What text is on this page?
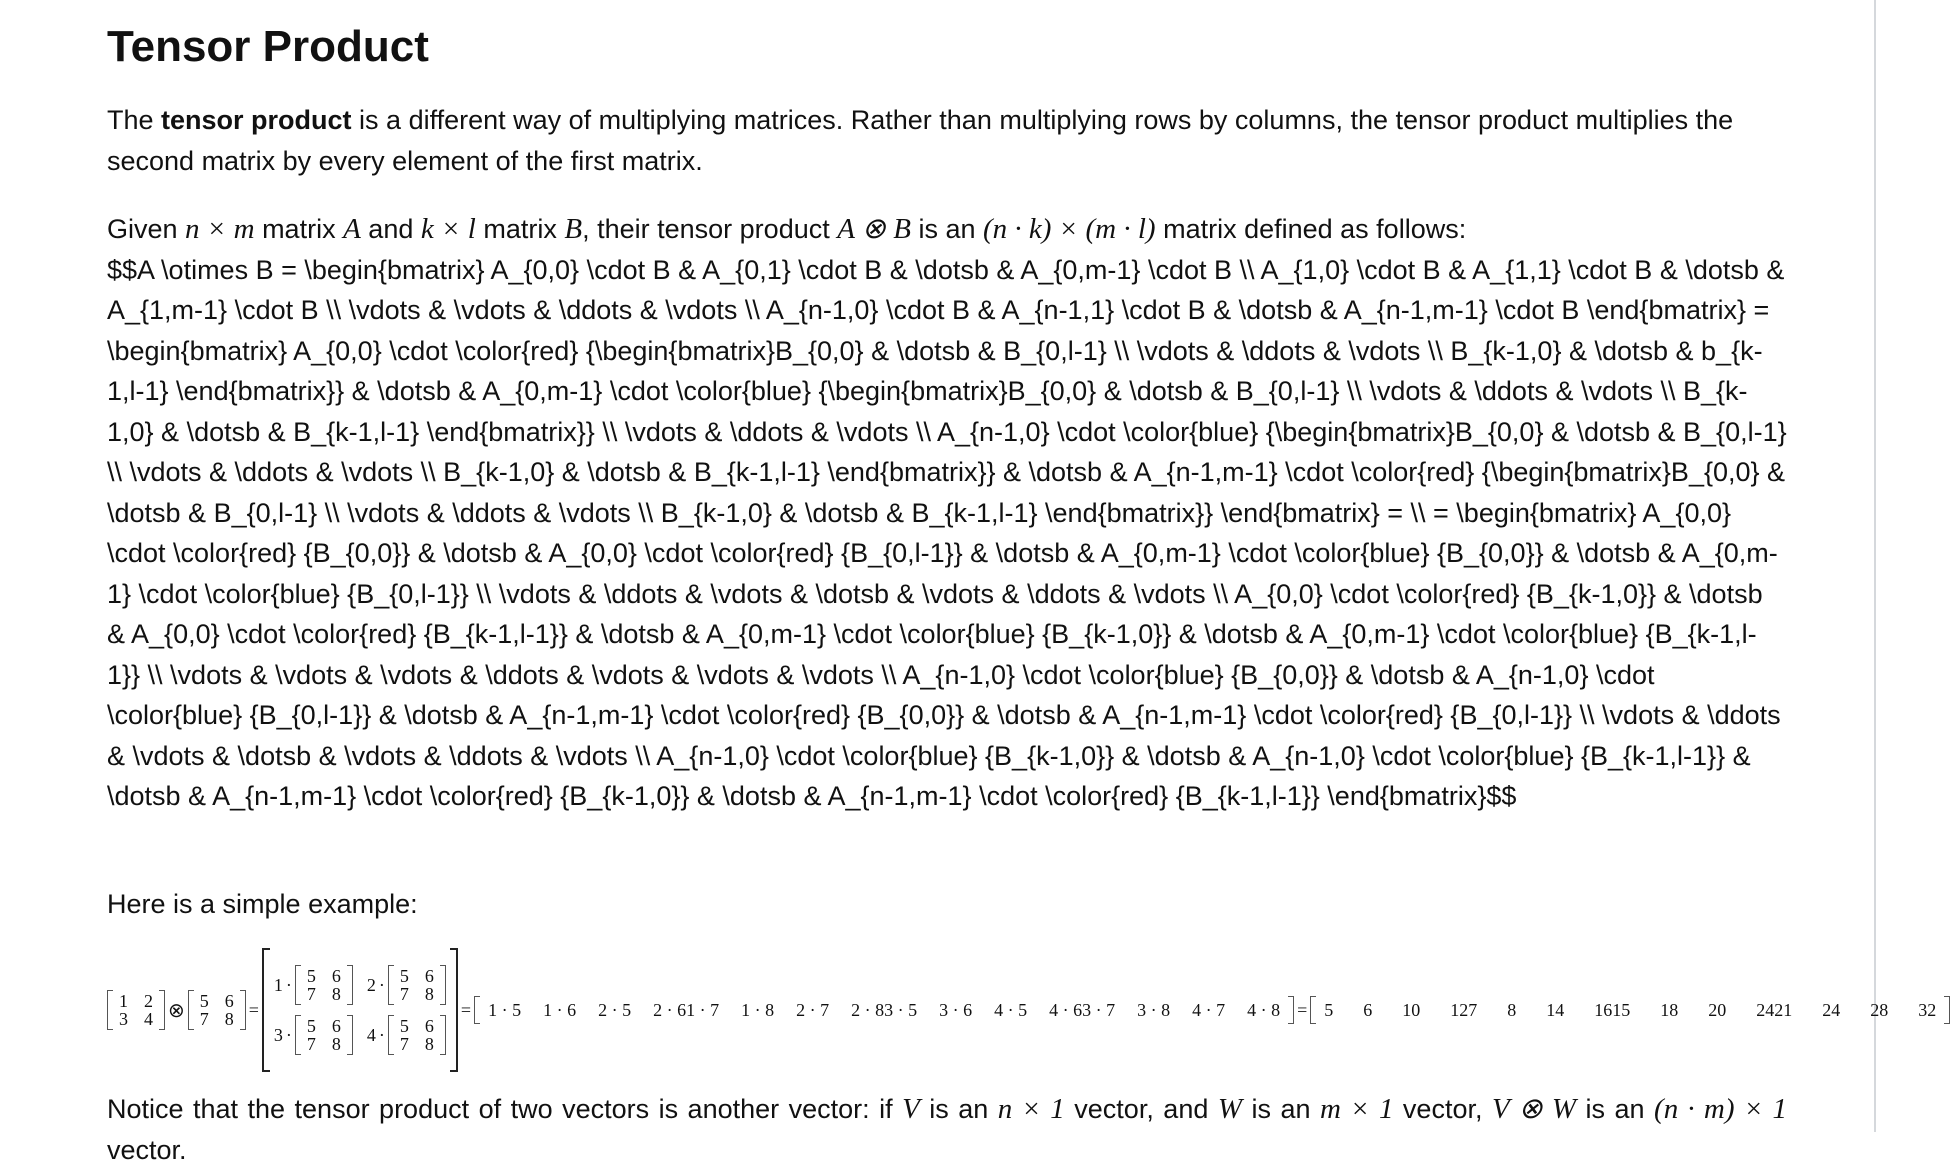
Tensor Product

The tensor product is a different way of multiplying matrices. Rather than multiplying rows by columns, the tensor product multiplies the second matrix by every element of the first matrix.

Given n × m matrix A and k × l matrix B, their tensor product A ⊗ B is an (n · k) × (m · l) matrix defined as follows:
$$A \otimes B = \begin{bmatrix} A_{0,0} \cdot B & A_{0,1} \cdot B & \dotsb & A_{0,m-1} \cdot B \\ A_{1,0} \cdot B & A_{1,1} \cdot B & \dotsb & A_{1,m-1} \cdot B \\ \vdots & \vdots & \ddots & \vdots \\ A_{n-1,0} \cdot B & A_{n-1,1} \cdot B & \dotsb & A_{n-1,m-1} \cdot B \end{bmatrix} = \begin{bmatrix} A_{0,0} \cdot \color{red} {\begin{bmatrix}B_{0,0} & \dotsb & B_{0,l-1} \\ \vdots & \ddots & \vdots \\ B_{k-1,0} & \dotsb & b_{k-1,l-1} \end{bmatrix}} & \dotsb & A_{0,m-1} \cdot \color{blue} {\begin{bmatrix}B_{0,0} & \dotsb & B_{0,l-1} \\ \vdots & \ddots & \vdots \\ B_{k-1,0} & \dotsb & B_{k-1,l-1} \end{bmatrix}} \\ \vdots & \ddots & \vdots \\ A_{n-1,0} \cdot \color{blue} {\begin{bmatrix}B_{0,0} & \dotsb & B_{0,l-1} \\ \vdots & \ddots & \vdots \\ B_{k-1,0} & \dotsb & B_{k-1,l-1} \end{bmatrix}} & \dotsb & A_{n-1,m-1} \cdot \color{red} {\begin{bmatrix}B_{0,0} & \dotsb & B_{0,l-1} \\ \vdots & \ddots & \vdots \\ B_{k-1,0} & \dotsb & B_{k-1,l-1} \end{bmatrix}} \end{bmatrix} = \\ = \begin{bmatrix} A_{0,0} \cdot \color{red} {B_{0,0}} & \dotsb & A_{0,0} \cdot \color{red} {B_{0,l-1}} & \dotsb & A_{0,m-1} \cdot \color{blue} {B_{0,0}} & \dotsb & A_{0,m-1} \cdot \color{blue} {B_{0,l-1}} \\ \vdots & \ddots & \vdots & \dotsb & \vdots & \ddots & \vdots \\ A_{0,0} \cdot \color{red} {B_{k-1,0}} & \dotsb & A_{0,0} \cdot \color{red} {B_{k-1,l-1}} & \dotsb & A_{0,m-1} \cdot \color{blue} {B_{k-1,0}} & \dotsb & A_{0,m-1} \cdot \color{blue} {B_{k-1,l-1}} \\ \vdots & \vdots & \vdots & \ddots & \vdots & \vdots & \vdots \\ A_{n-1,0} \cdot \color{blue} {B_{0,0}} & \dotsb & A_{n-1,0} \cdot \color{blue} {B_{0,l-1}} & \dotsb & A_{n-1,m-1} \cdot \color{red} {B_{0,0}} & \dotsb & A_{n-1,m-1} \cdot \color{red} {B_{0,l-1}} \\ \vdots & \ddots & \vdots & \dotsb & \vdots & \ddots & \vdots \\ A_{n-1,0} \cdot \color{blue} {B_{k-1,0}} & \dotsb & A_{n-1,0} \cdot \color{blue} {B_{k-1,l-1}} & \dotsb & A_{n-1,m-1} \cdot \color{red} {B_{k-1,0}} & \dotsb & A_{n-1,m-1} \cdot \color{red} {B_{k-1,l-1}} \end{bmatrix}$$

Here is a simple example:

1 2
3 4 ⊗ 5 6
7 8 =
1 · 5 6
7 8 2 · 5 6
7 8
3 · 5 6
7 8 4 · 5 6
7 8
= 1 · 5 1 · 6 2 · 5 2 · 61 · 7 1 · 8 2 · 7 2 · 83 · 5 3 · 6 4 · 5 4 · 63 · 7 3 · 8 4 · 7 4 · 8 = 5 6 10 127 8 14 1615 18 20 2421 24 28 32

Notice that the tensor product of two vectors is another vector: if V is an n × 1 vector, and W is an m × 1 vector, V ⊗ W is an (n · m) × 1 vector.
